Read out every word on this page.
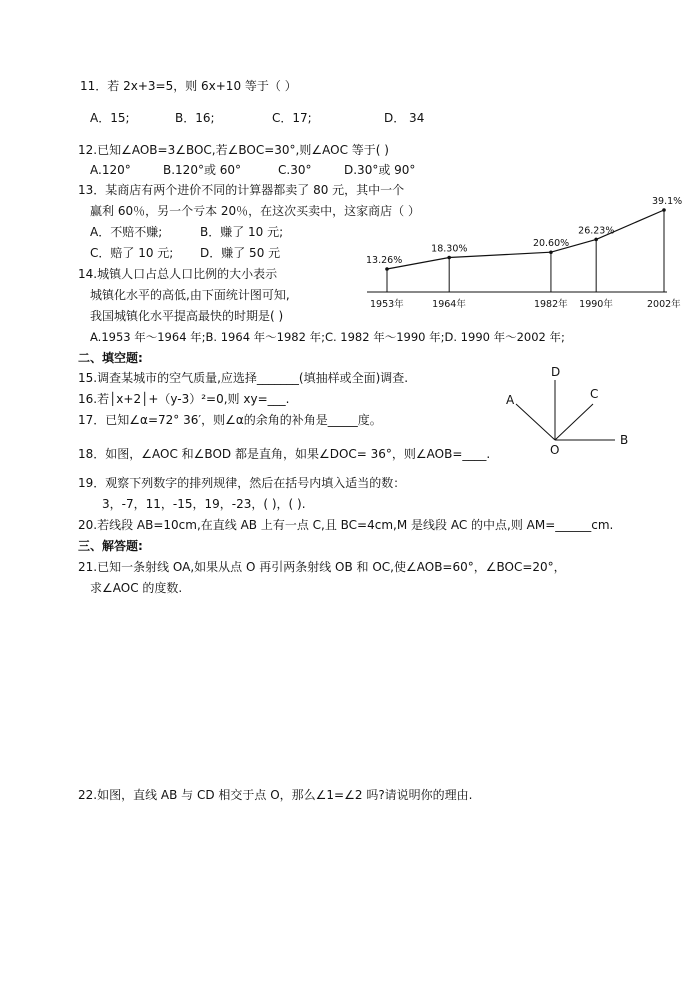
11．若 2x+3=5，则 6x+10 等于（ ）
A．15;	B．16;	C．17;	D． 34
12.已知∠AOB=3∠BOC,若∠BOC=30°,则∠AOC 等于( )
A.120°	B.120°或 60°	C.30°	D.30°或 90°
13．某商店有两个进价不同的计算器都卖了 80 元，其中一个
赢利 60％，另一个亏本 20％，在这次买卖中，这家商店（ ）
A．不赔不赚;	B．赚了 10 元;
C．赔了 10 元; D．赚了 50 元
14.城镇人口占总人口比例的大小表示
城镇化水平的高低,由下面统计图可知,
我国城镇化水平提高最快的时期是( )
A.1953 年～1964 年;B. 1964 年～1982 年;C. 1982 年～1990 年;D. 1990 年～2002 年;
13.26%
1953年
18.30%
1964年
20.60%
1982年
26.23%
1990年
39.1%
2002年
二、填空题:
15.调查某城市的空气质量,应选择_______(填抽样或全面)调查.
16.若│x+2│+（y-3）²=0,则 xy=___.
17．已知∠α=72° 36′，则∠α的余角的补角是_____度。
18．如图，∠AOC 和∠BOD 都是直角，如果∠DOC= 36°，则∠AOB=____.
D
C
A
B
O
19．观察下列数字的排列规律，然后在括号内填入适当的数：
3，-7，11，-15，19，-23，( )，( ).
20.若线段 AB=10cm,在直线 AB 上有一点 C,且 BC=4cm,M 是线段 AC 的中点,则 AM=______cm.
三、解答题:
21.已知一条射线 OA,如果从点 O 再引两条射线 OB 和 OC,使∠AOB=60°，∠BOC=20°，
求∠AOC 的度数.
22.如图，直线 AB 与 CD 相交于点 O，那么∠1=∠2 吗?请说明你的理由.
